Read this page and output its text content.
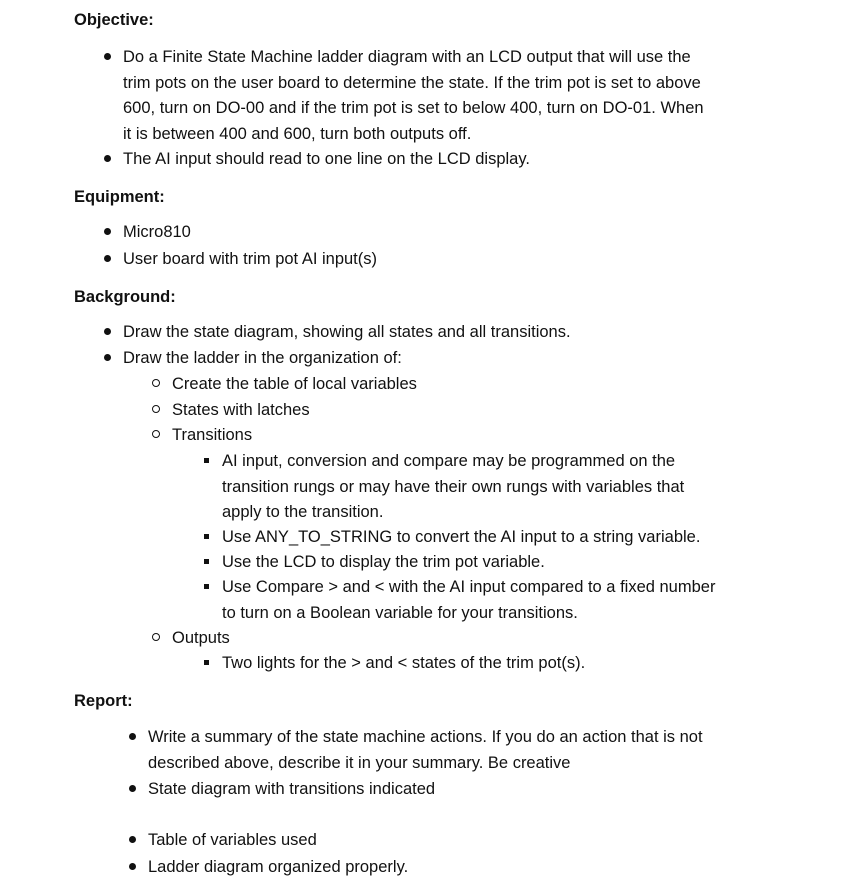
Objective:
Do a Finite State Machine ladder diagram with an LCD output that will use the
trim pots on the user board to determine the state. If the trim pot is set to above
600, turn on DO-00 and if the trim pot is set to below 400, turn on DO-01. When
it is between 400 and 600, turn both outputs off.
The AI input should read to one line on the LCD display.
Equipment:
Micro810
User board with trim pot AI input(s)
Background:
Draw the state diagram, showing all states and all transitions.
Draw the ladder in the organization of:
Create the table of local variables
States with latches
Transitions
AI input, conversion and compare may be programmed on the
transition rungs or may have their own rungs with variables that
apply to the transition.
Use ANY_TO_STRING to convert the AI input to a string variable.
Use the LCD to display the trim pot variable.
Use Compare > and < with the AI input compared to a fixed number
to turn on a Boolean variable for your transitions.
Outputs
Two lights for the > and < states of the trim pot(s).
Report:
Write a summary of the state machine actions. If you do an action that is not
described above, describe it in your summary. Be creative
State diagram with transitions indicated
Table of variables used
Ladder diagram organized properly.
